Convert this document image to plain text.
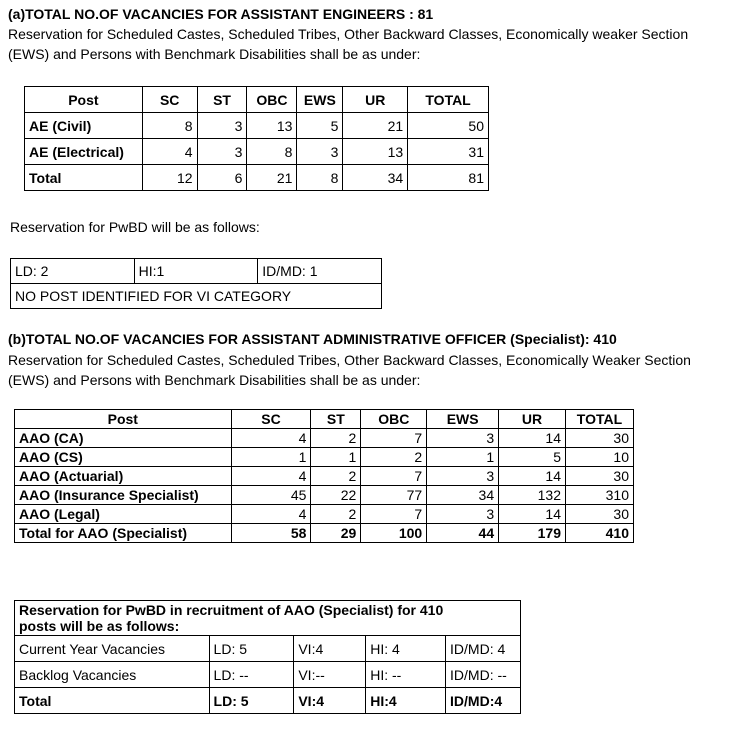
(a)TOTAL NO.OF VACANCIES FOR ASSISTANT ENGINEERS : 81
Reservation for Scheduled Castes, Scheduled Tribes, Other Backward Classes, Economically weaker Section
(EWS) and Persons with Benchmark Disabilities shall be as under:
Post	SC	ST	OBC	EWS	UR	TOTAL
AE (Civil)	8	3	13	5	21	50
AE (Electrical)	4	3	8	3	13	31
Total	12	6	21	8	34	81
Reservation for PwBD will be as follows:
LD: 2	HI:1	ID/MD: 1
NO POST IDENTIFIED FOR VI CATEGORY
(b)TOTAL NO.OF VACANCIES FOR ASSISTANT ADMINISTRATIVE OFFICER (Specialist): 410
Reservation for Scheduled Castes, Scheduled Tribes, Other Backward Classes, Economically Weaker Section
(EWS) and Persons with Benchmark Disabilities shall be as under:
Post	SC	ST	OBC	EWS	UR	TOTAL
AAO (CA)	4	2	7	3	14	30
AAO (CS)	1	1	2	1	5	10
AAO (Actuarial)	4	2	7	3	14	30
AAO (Insurance Specialist)	45	22	77	34	132	310
AAO (Legal)	4	2	7	3	14	30
Total for AAO (Specialist)	58	29	100	44	179	410
Reservation for PwBD in recruitment of AAO (Specialist) for 410
posts will be as follows:				

Current Year Vacancies	LD: 5	VI:4	HI: 4	ID/MD: 4
Backlog Vacancies	LD: --	VI:--	HI: --	ID/MD: --
Total	LD: 5	VI:4	HI:4	ID/MD:4
